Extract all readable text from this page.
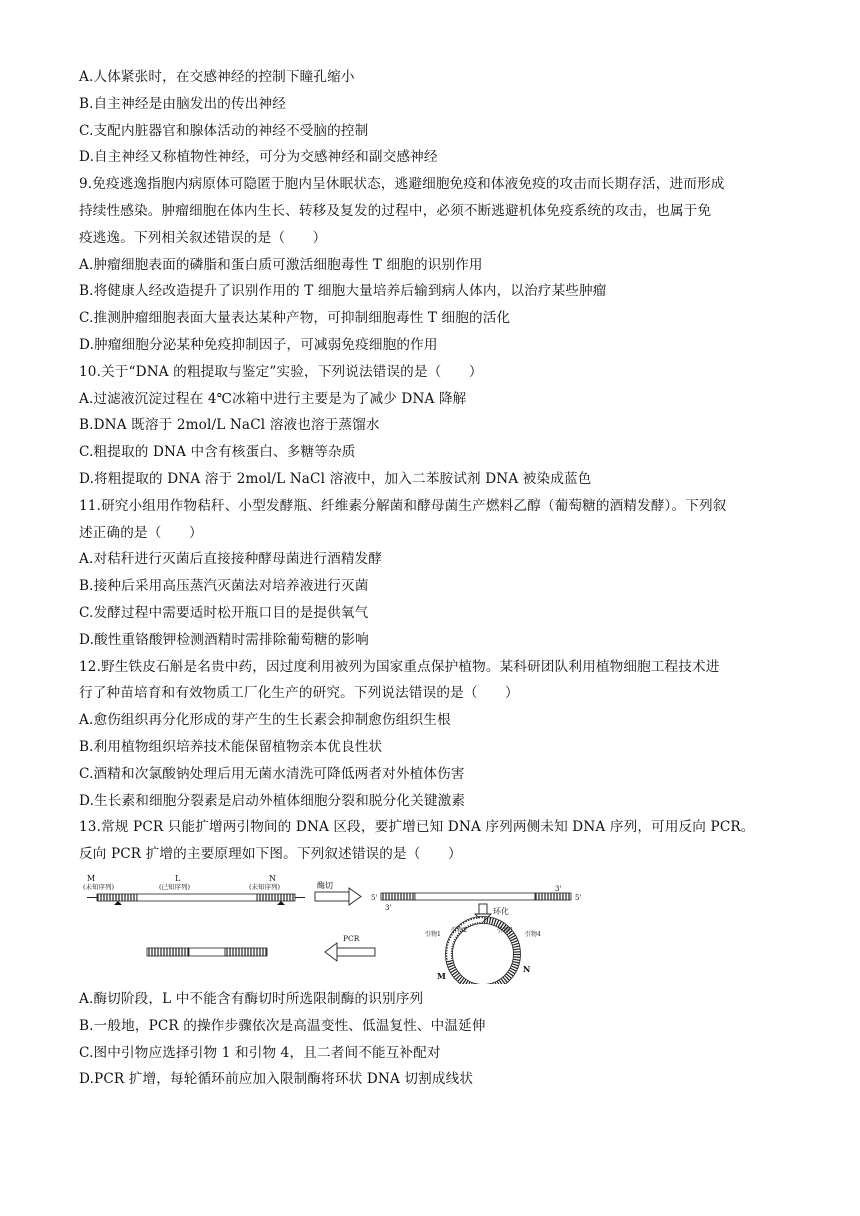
A.人体紧张时，在交感神经的控制下瞳孔缩小
B.自主神经是由脑发出的传出神经
C.支配内脏器官和腺体活动的神经不受脑的控制
D.自主神经又称植物性神经，可分为交感神经和副交感神经
9.免疫逃逸指胞内病原体可隐匿于胞内呈休眠状态，逃避细胞免疫和体液免疫的攻击而长期存活，进而形成
持续性感染。肿瘤细胞在体内生长、转移及复发的过程中，必须不断逃避机体免疫系统的攻击，也属于免
疫逃逸。下列相关叙述错误的是（　　）
A.肿瘤细胞表面的磷脂和蛋白质可激活细胞毒性 T 细胞的识别作用
B.将健康人经改造提升了识别作用的 T 细胞大量培养后输到病人体内，以治疗某些肿瘤
C.推测肿瘤细胞表面大量表达某种产物，可抑制细胞毒性 T 细胞的活化
D.肿瘤细胞分泌某种免疫抑制因子，可减弱免疫细胞的作用
10.关于“DNA 的粗提取与鉴定”实验，下列说法错误的是（　　）
A.过滤液沉淀过程在 4℃冰箱中进行主要是为了减少 DNA 降解
B.DNA 既溶于 2mol/L NaCl 溶液也溶于蒸馏水
C.粗提取的 DNA 中含有核蛋白、多糖等杂质
D.将粗提取的 DNA 溶于 2mol/L NaCl 溶液中，加入二苯胺试剂 DNA 被染成蓝色
11.研究小组用作物秸秆、小型发酵瓶、纤维素分解菌和酵母菌生产燃料乙醇（葡萄糖的酒精发酵）。下列叙
述正确的是（　　）
A.对秸秆进行灭菌后直接接种酵母菌进行酒精发酵
B.接种后采用高压蒸汽灭菌法对培养液进行灭菌
C.发酵过程中需要适时松开瓶口目的是提供氧气
D.酸性重铬酸钾检测酒精时需排除葡萄糖的影响
12.野生铁皮石斛是名贵中药，因过度利用被列为国家重点保护植物。某科研团队利用植物细胞工程技术进
行了种苗培育和有效物质工厂化生产的研究。下列说法错误的是（　　）
A.愈伤组织再分化形成的芽产生的生长素会抑制愈伤组织生根
B.利用植物组织培养技术能保留植物亲本优良性状
C.酒精和次氯酸钠处理后用无菌水清洗可降低两者对外植体伤害
D.生长素和细胞分裂素是启动外植体细胞分裂和脱分化关键激素
13.常规 PCR 只能扩增两引物间的 DNA 区段，要扩增已知 DNA 序列两侧未知 DNA 序列，可用反向 PCR。
反向 PCR 扩增的主要原理如下图。下列叙述错误的是（　　）
M
(未知序列)
L
(已知序列)
N
(未知序列)	酶切
5'
3'
3'
5'
环化
引物1
引物2	引物3
引物4
M
N
PCR
A.酶切阶段，L 中不能含有酶切时所选限制酶的识别序列
B.一般地，PCR 的操作步骤依次是高温变性、低温复性、中温延伸
C.图中引物应选择引物 1 和引物 4，且二者间不能互补配对
D.PCR 扩增，每轮循环前应加入限制酶将环状 DNA 切割成线状
